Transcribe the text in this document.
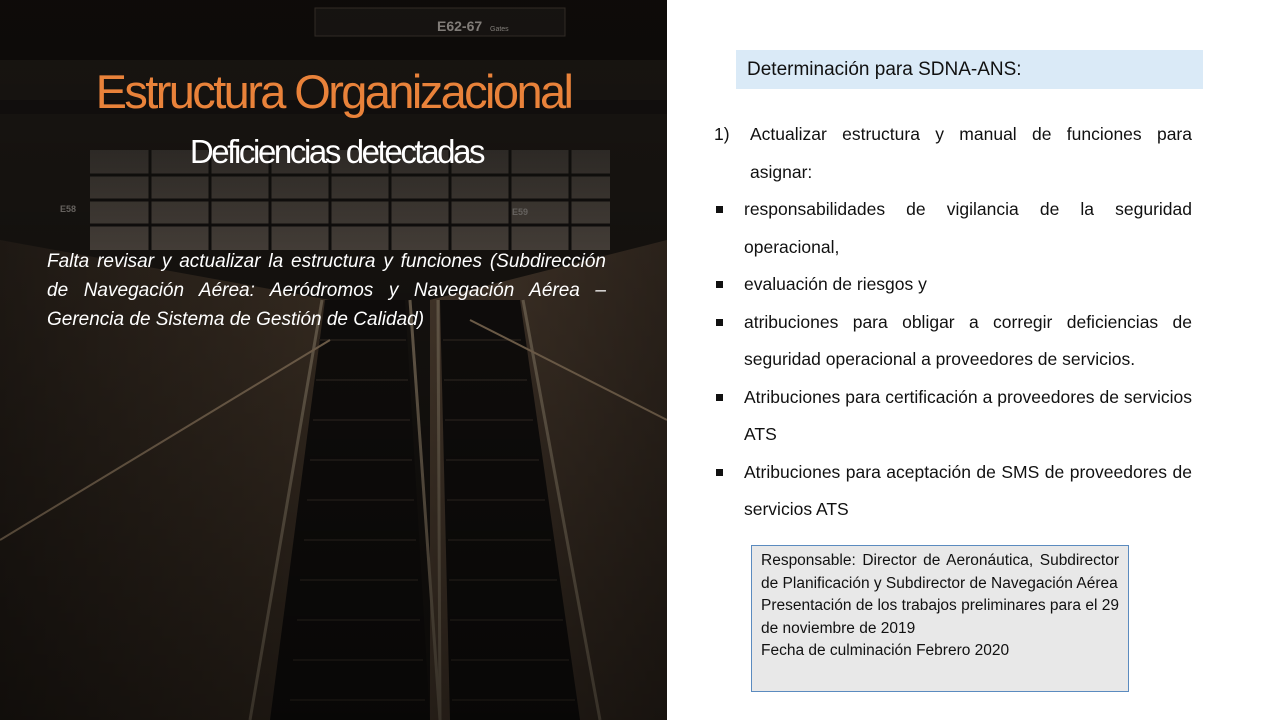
Estructura Organizacional
Deficiencias detectadas
Falta revisar y actualizar la estructura y funciones (Subdirección de Navegación Aérea: Aeródromos y Navegación Aérea – Gerencia de Sistema de Gestión de Calidad)
Determinación para SDNA-ANS:
1) Actualizar estructura y manual de funciones para asignar:
responsabilidades de vigilancia de la seguridad operacional,
evaluación de riesgos y
atribuciones para obligar a corregir deficiencias de seguridad operacional a proveedores de servicios.
Atribuciones para certificación a proveedores de servicios ATS
Atribuciones para aceptación de SMS de proveedores de servicios ATS
Responsable: Director de Aeronáutica, Subdirector de Planificación y Subdirector de Navegación Aérea
Presentación de los trabajos preliminares para el 29 de noviembre de 2019
Fecha de culminación Febrero 2020
